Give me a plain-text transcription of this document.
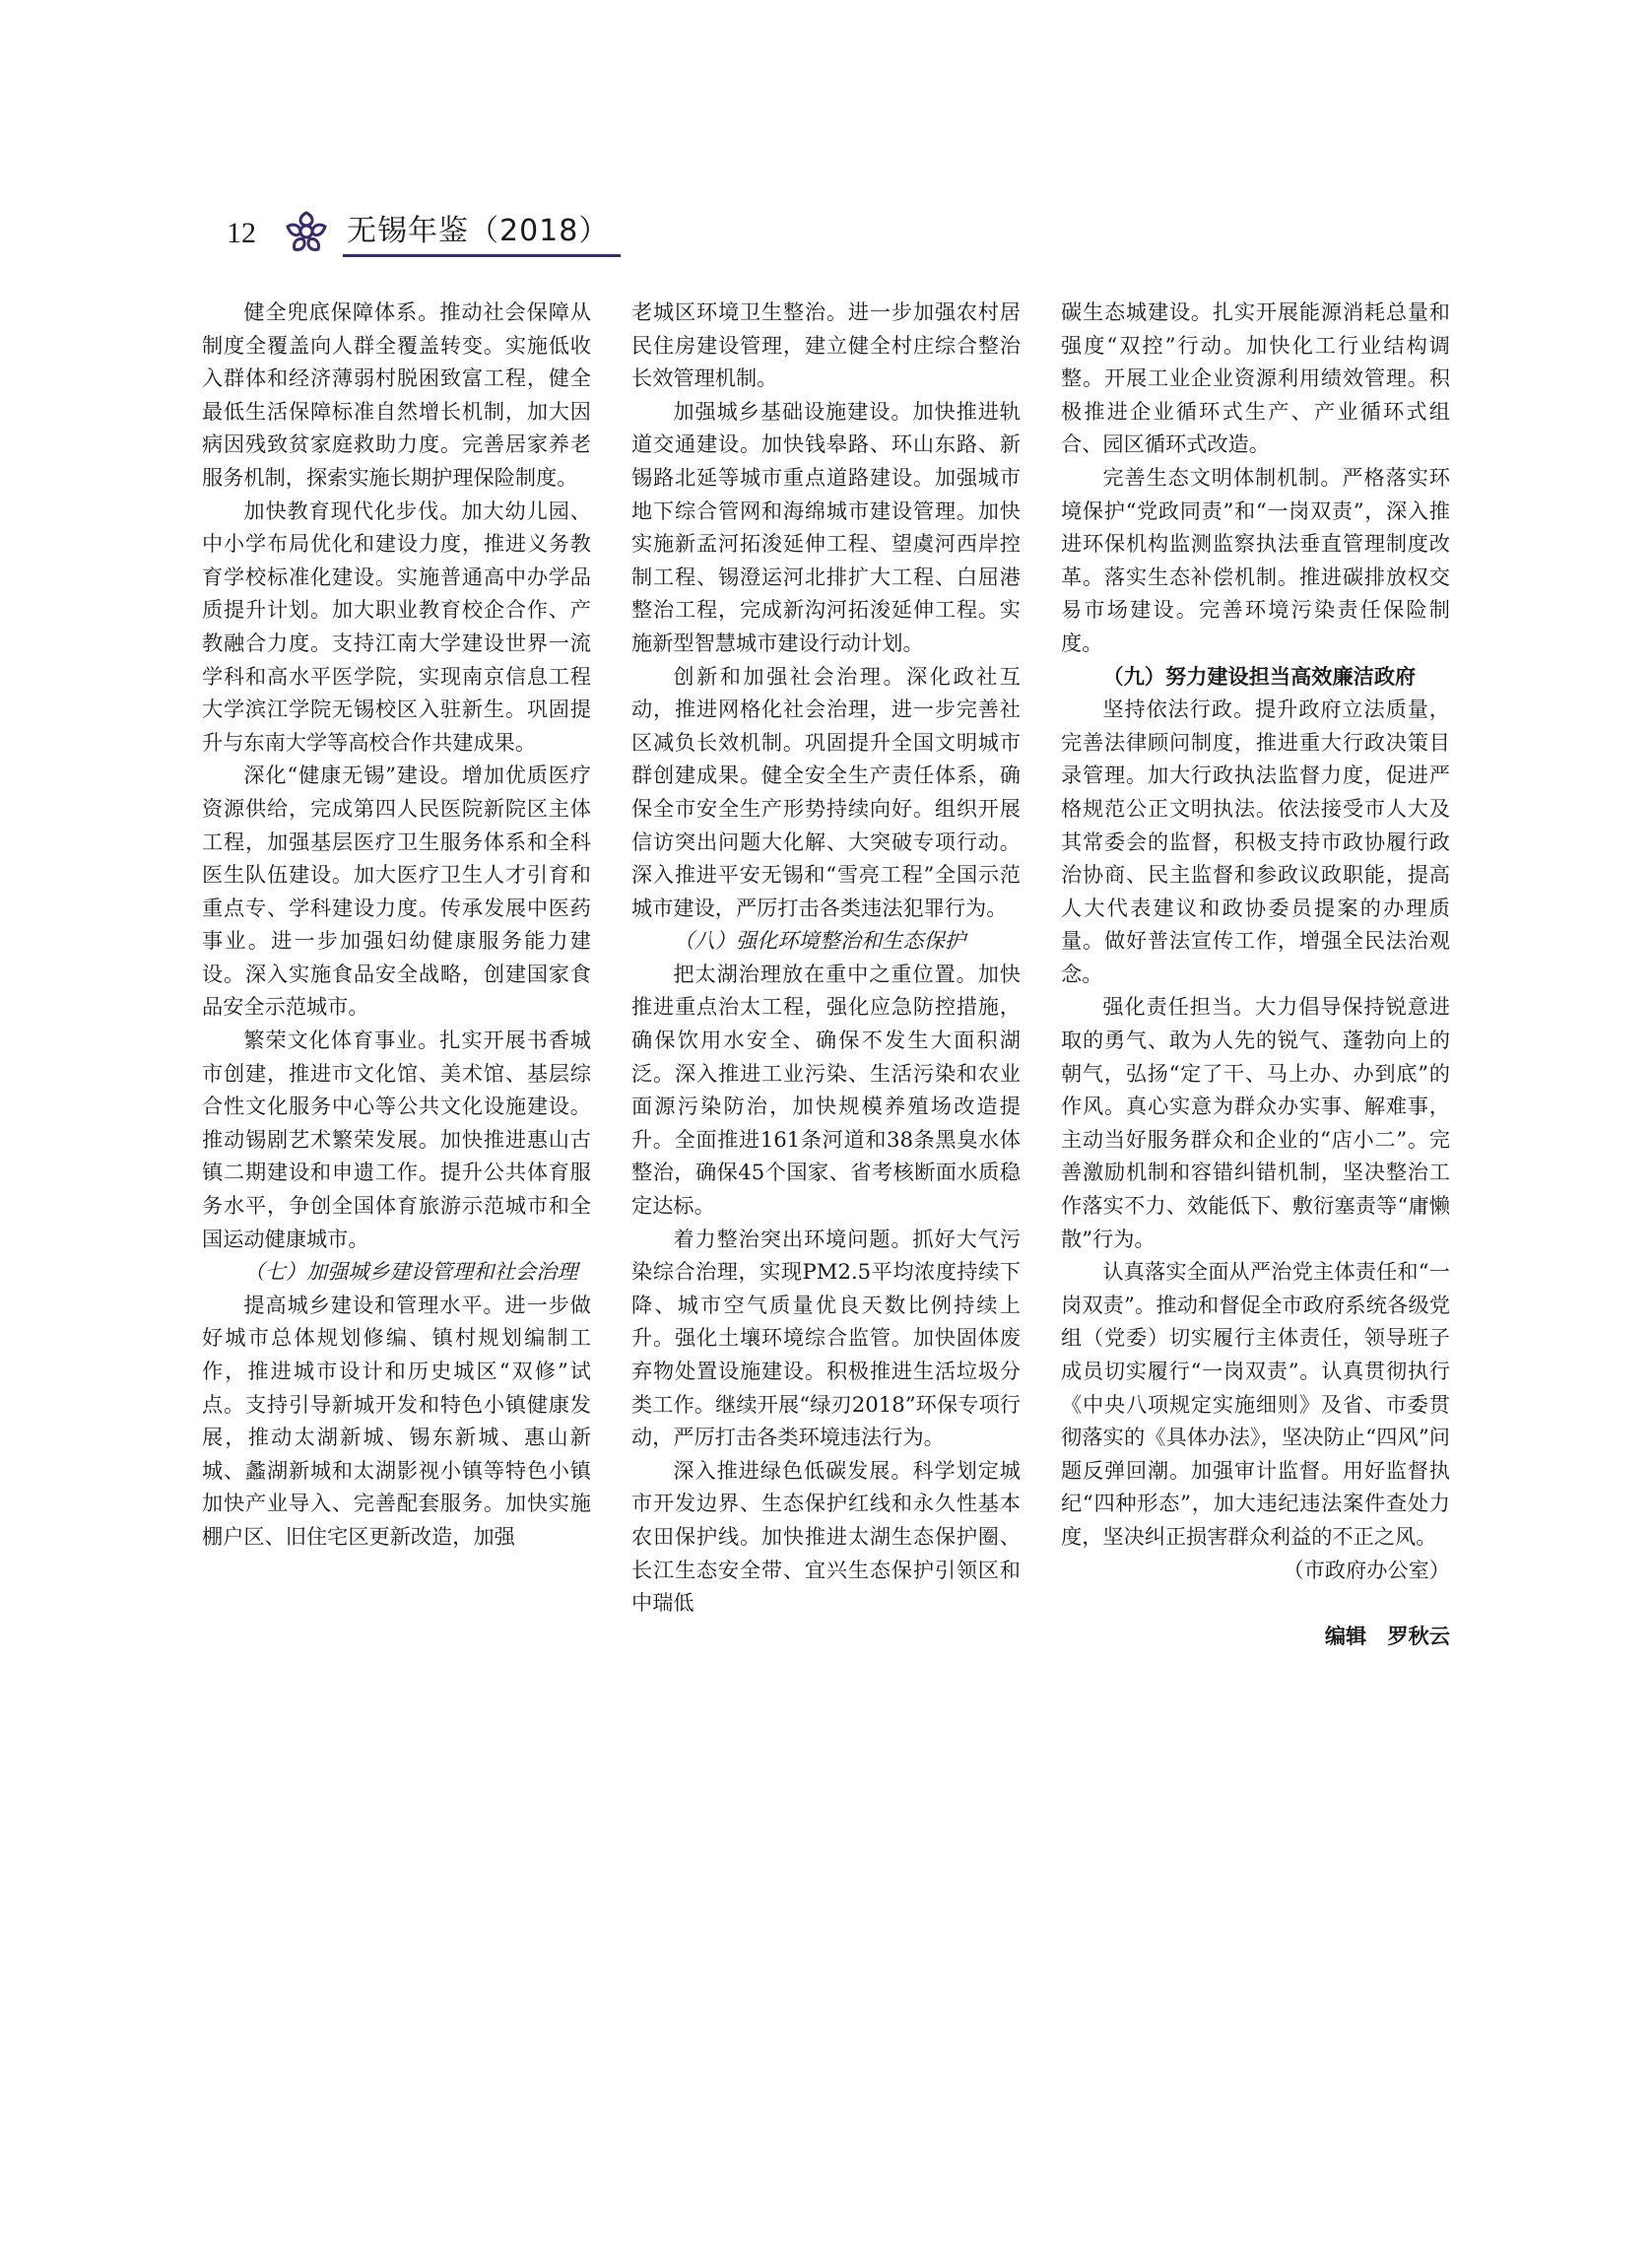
12	无锡年鉴（2018）

健全兜底保障体系。推动社会保障从制度全覆盖向人群全覆盖转变。实施低收入群体和经济薄弱村脱困致富工程，健全最低生活保障标准自然增长机制，加大因病因残致贫家庭救助力度。完善居家养老服务机制，探索实施长期护理保险制度。

加快教育现代化步伐。加大幼儿园、中小学布局优化和建设力度，推进义务教育学校标准化建设。实施普通高中办学品质提升计划。加大职业教育校企合作、产教融合力度。支持江南大学建设世界一流学科和高水平医学院，实现南京信息工程大学滨江学院无锡校区入驻新生。巩固提升与东南大学等高校合作共建成果。

深化“健康无锡”建设。增加优质医疗资源供给，完成第四人民医院新院区主体工程，加强基层医疗卫生服务体系和全科医生队伍建设。加大医疗卫生人才引育和重点专、学科建设力度。传承发展中医药事业。进一步加强妇幼健康服务能力建设。深入实施食品安全战略，创建国家食品安全示范城市。

繁荣文化体育事业。扎实开展书香城市创建，推进市文化馆、美术馆、基层综合性文化服务中心等公共文化设施建设。推动锡剧艺术繁荣发展。加快推进惠山古镇二期建设和申遗工作。提升公共体育服务水平，争创全国体育旅游示范城市和全国运动健康城市。

（七）加强城乡建设管理和社会治理

提高城乡建设和管理水平。进一步做好城市总体规划修编、镇村规划编制工作，推进城市设计和历史城区“双修”试点。支持引导新城开发和特色小镇健康发展，推动太湖新城、锡东新城、惠山新城、蠡湖新城和太湖影视小镇等特色小镇加快产业导入、完善配套服务。加快实施棚户区、旧住宅区更新改造，加强

老城区环境卫生整治。进一步加强农村居民住房建设管理，建立健全村庄综合整治长效管理机制。

加强城乡基础设施建设。加快推进轨道交通建设。加快钱皋路、环山东路、新锡路北延等城市重点道路建设。加强城市地下综合管网和海绵城市建设管理。加快实施新孟河拓浚延伸工程、望虞河西岸控制工程、锡澄运河北排扩大工程、白屈港整治工程，完成新沟河拓浚延伸工程。实施新型智慧城市建设行动计划。

创新和加强社会治理。深化政社互动，推进网格化社会治理，进一步完善社区减负长效机制。巩固提升全国文明城市群创建成果。健全安全生产责任体系，确保全市安全生产形势持续向好。组织开展信访突出问题大化解、大突破专项行动。深入推进平安无锡和“雪亮工程”全国示范城市建设，严厉打击各类违法犯罪行为。

（八）强化环境整治和生态保护

把太湖治理放在重中之重位置。加快推进重点治太工程，强化应急防控措施，确保饮用水安全、确保不发生大面积湖泛。深入推进工业污染、生活污染和农业面源污染防治，加快规模养殖场改造提升。全面推进161条河道和38条黑臭水体整治，确保45个国家、省考核断面水质稳定达标。

着力整治突出环境问题。抓好大气污染综合治理，实现PM2.5平均浓度持续下降、城市空气质量优良天数比例持续上升。强化土壤环境综合监管。加快固体废弃物处置设施建设。积极推进生活垃圾分类工作。继续开展“绿刃2018”环保专项行动，严厉打击各类环境违法行为。

深入推进绿色低碳发展。科学划定城市开发边界、生态保护红线和永久性基本农田保护线。加快推进太湖生态保护圈、长江生态安全带、宜兴生态保护引领区和中瑞低

碳生态城建设。扎实开展能源消耗总量和强度“双控”行动。加快化工行业结构调整。开展工业企业资源利用绩效管理。积极推进企业循环式生产、产业循环式组合、园区循环式改造。

完善生态文明体制机制。严格落实环境保护“党政同责”和“一岗双责”，深入推进环保机构监测监察执法垂直管理制度改革。落实生态补偿机制。推进碳排放权交易市场建设。完善环境污染责任保险制度。

（九）努力建设担当高效廉洁政府

坚持依法行政。提升政府立法质量，完善法律顾问制度，推进重大行政决策目录管理。加大行政执法监督力度，促进严格规范公正文明执法。依法接受市人大及其常委会的监督，积极支持市政协履行政治协商、民主监督和参政议政职能，提高人大代表建议和政协委员提案的办理质量。做好普法宣传工作，增强全民法治观念。

强化责任担当。大力倡导保持锐意进取的勇气、敢为人先的锐气、蓬勃向上的朝气，弘扬“定了干、马上办、办到底”的作风。真心实意为群众办实事、解难事，主动当好服务群众和企业的“店小二”。完善激励机制和容错纠错机制，坚决整治工作落实不力、效能低下、敷衍塞责等“庸懒散”行为。

认真落实全面从严治党主体责任和“一岗双责”。推动和督促全市政府系统各级党组（党委）切实履行主体责任，领导班子成员切实履行“一岗双责”。认真贯彻执行《中央八项规定实施细则》及省、市委贯彻落实的《具体办法》，坚决防止“四风”问题反弹回潮。加强审计监督。用好监督执纪“四种形态”，加大违纪违法案件查处力度，坚决纠正损害群众利益的不正之风。

（市政府办公室）

编辑　罗秋云
